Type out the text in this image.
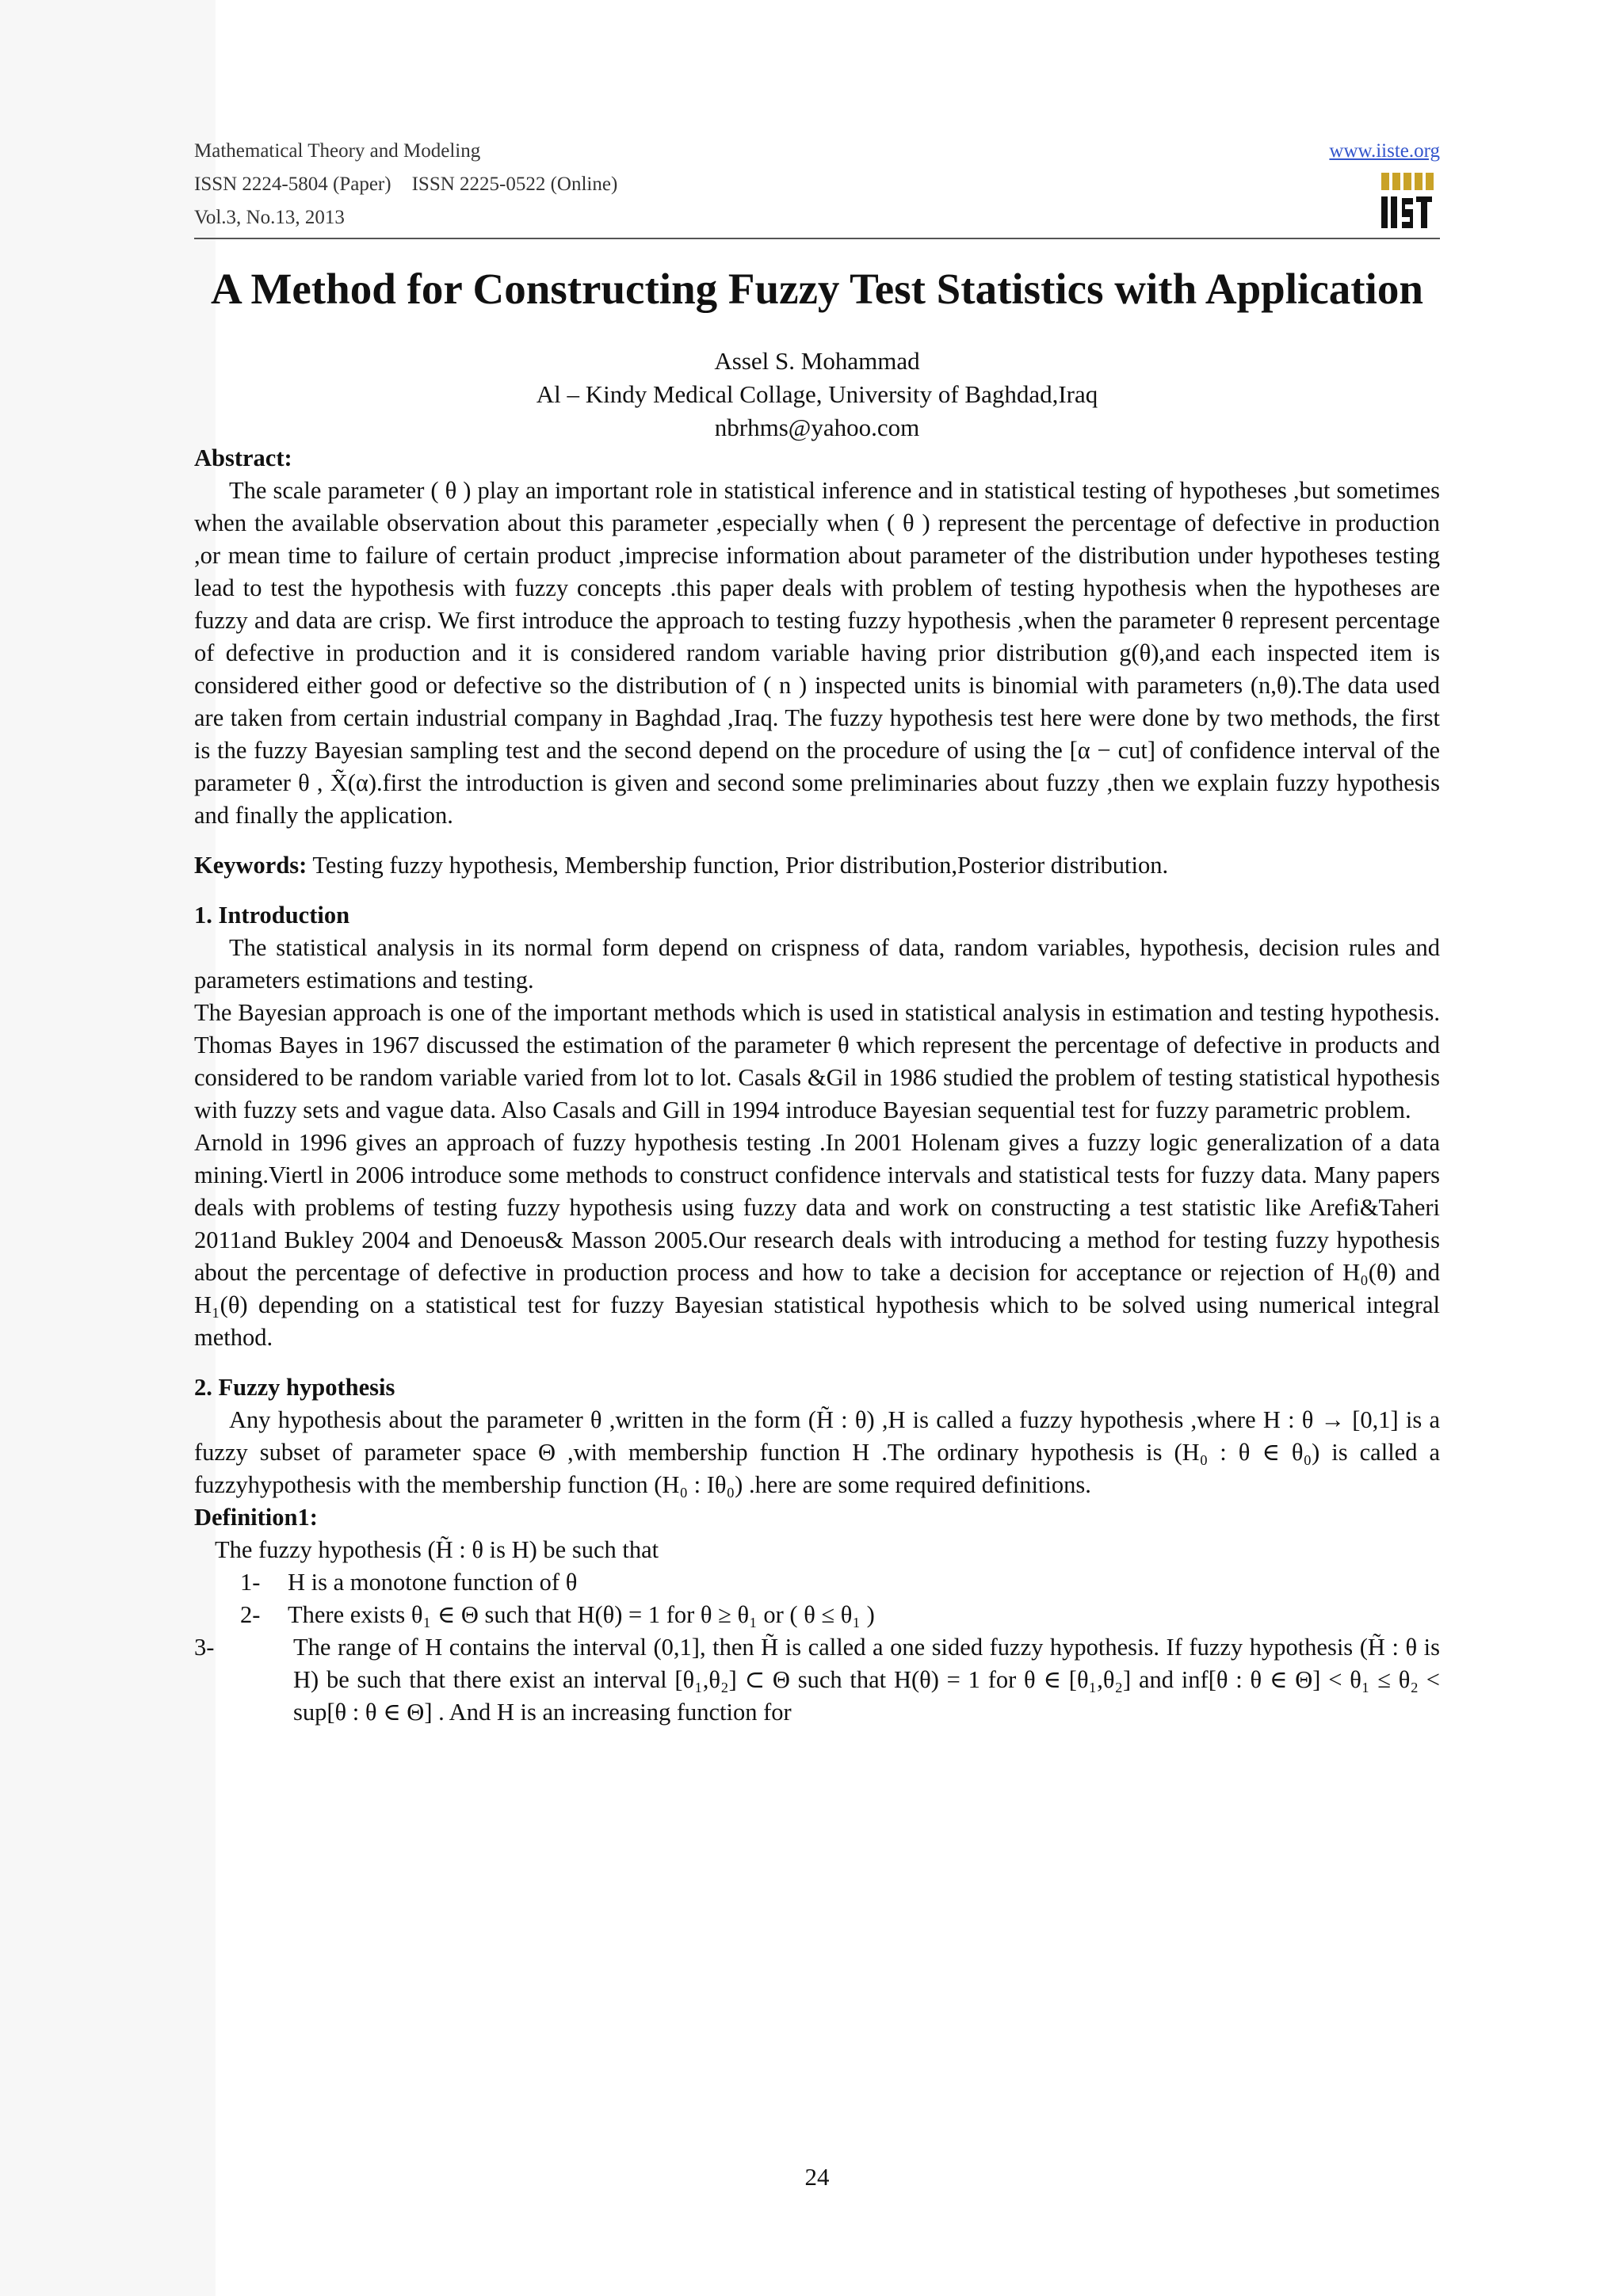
Mathematical Theory and Modeling
ISSN 2224-5804 (Paper) ISSN 2225-0522 (Online)
Vol.3, No.13, 2013
www.iiste.org
A Method for Constructing Fuzzy Test Statistics with Application
Assel S. Mohammad
Al – Kindy Medical Collage, University of Baghdad,Iraq
nbrhms@yahoo.com

Abstract:

The scale parameter ( θ ) play an important role in statistical inference and in statistical testing of hypotheses ,but sometimes when the available observation about this parameter ,especially when ( θ ) represent the percentage of defective in production ,or mean time to failure of certain product ,imprecise information about parameter of the distribution under hypotheses testing lead to test the hypothesis with fuzzy concepts .this paper deals with problem of testing hypothesis when the hypotheses are fuzzy and data are crisp. We first introduce the approach to testing fuzzy hypothesis ,when the parameter θ represent percentage of defective in production and it is considered random variable having prior distribution g(θ),and each inspected item is considered either good or defective so the distribution of ( n ) inspected units is binomial with parameters (n,θ).The data used are taken from certain industrial company in Baghdad ,Iraq. The fuzzy hypothesis test here were done by two methods, the first is the fuzzy Bayesian sampling test and the second depend on the procedure of using the [α − cut] of confidence interval of the parameter θ , X̃(α).first the introduction is given and second some preliminaries about fuzzy ,then we explain fuzzy hypothesis and finally the application.

Keywords: Testing fuzzy hypothesis, Membership function, Prior distribution,Posterior distribution.

1. Introduction

The statistical analysis in its normal form depend on crispness of data, random variables, hypothesis, decision rules and parameters estimations and testing.

The Bayesian approach is one of the important methods which is used in statistical analysis in estimation and testing hypothesis. Thomas Bayes in 1967 discussed the estimation of the parameter θ which represent the percentage of defective in products and considered to be random variable varied from lot to lot. Casals &Gil in 1986 studied the problem of testing statistical hypothesis with fuzzy sets and vague data. Also Casals and Gill in 1994 introduce Bayesian sequential test for fuzzy parametric problem.

Arnold in 1996 gives an approach of fuzzy hypothesis testing .In 2001 Holenam gives a fuzzy logic generalization of a data mining.Viertl in 2006 introduce some methods to construct confidence intervals and statistical tests for fuzzy data. Many papers deals with problems of testing fuzzy hypothesis using fuzzy data and work on constructing a test statistic like Arefi&Taheri 2011and Bukley 2004 and Denoeus& Masson 2005.Our research deals with introducing a method for testing fuzzy hypothesis about the percentage of defective in production process and how to take a decision for acceptance or rejection of H₀(θ) and H₁(θ) depending on a statistical test for fuzzy Bayesian statistical hypothesis which to be solved using numerical integral method.

2. Fuzzy hypothesis

Any hypothesis about the parameter θ ,written in the form (H̃ : θ) ,H is called a fuzzy hypothesis ,where H : θ → [0,1] is a fuzzy subset of parameter space Θ ,with membership function H .The ordinary hypothesis is (H₀ : θ ∈ θ₀) is called a fuzzyhypothesis with the membership function (H₀ : Iθ₀) .here are some required definitions.

Definition1:

The fuzzy hypothesis (H̃ : θ is H) be such that

1-	H is a monotone function of θ
2-	There exists θ₁ ∈ Θ such that H(θ) = 1 for θ ≥ θ₁ or ( θ ≤ θ₁ )
3-	The range of H contains the interval (0,1], then H̃ is called a one sided fuzzy hypothesis. If fuzzy hypothesis (H̃ : θ is H) be such that there exist an interval [θ₁,θ₂] ⊂ Θ such that H(θ) = 1 for θ ∈ [θ₁,θ₂] and inf[θ : θ ∈ Θ] < θ₁ ≤ θ₂ < sup[θ : θ ∈ Θ] . And H is an increasing function for
24
